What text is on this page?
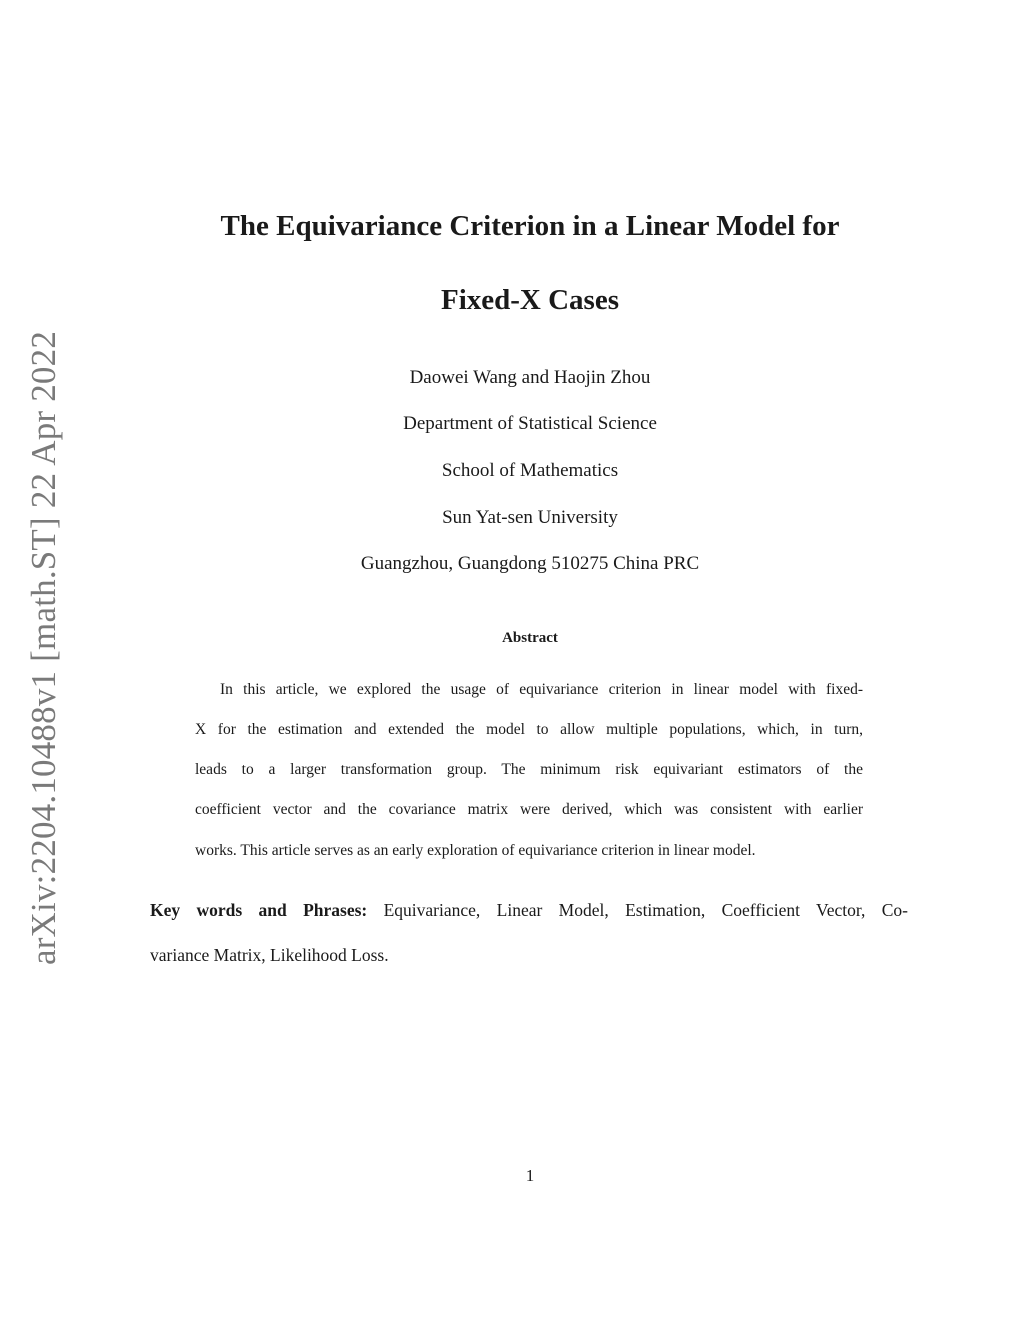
arXiv:2204.10488v1 [math.ST] 22 Apr 2022
The Equivariance Criterion in a Linear Model for
Fixed-X Cases
Daowei Wang and Haojin Zhou
Department of Statistical Science
School of Mathematics
Sun Yat-sen University
Guangzhou, Guangdong 510275 China PRC
Abstract
In this article, we explored the usage of equivariance criterion in linear model with fixed-
X for the estimation and extended the model to allow multiple populations, which, in turn,
leads to a larger transformation group. The minimum risk equivariant estimators of the
coefficient vector and the covariance matrix were derived, which was consistent with earlier
works. This article serves as an early exploration of equivariance criterion in linear model.
Key words and Phrases: Equivariance, Linear Model, Estimation, Coefficient Vector, Co-
variance Matrix, Likelihood Loss.
1
